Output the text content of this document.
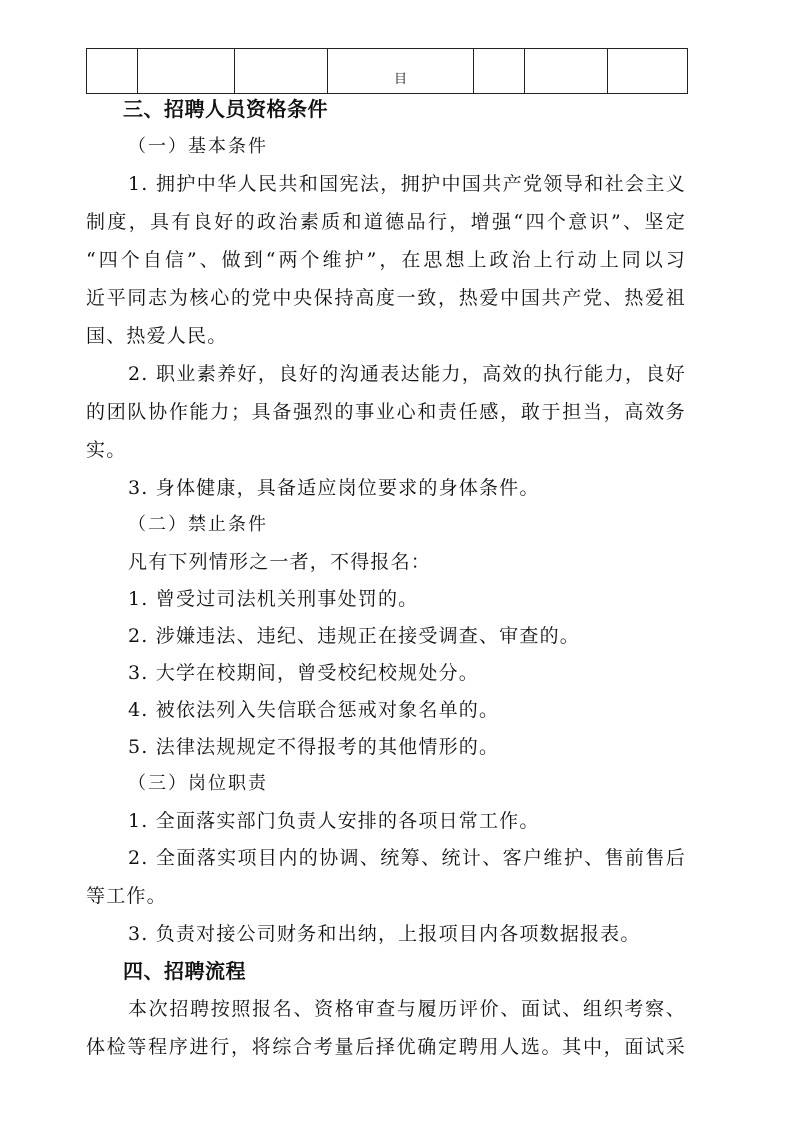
			目			
三、招聘人员资格条件
（一）基本条件
1. 拥护中华人民共和国宪法，拥护中国共产党领导和社会主义
制度，具有良好的政治素质和道德品行，增强“四个意识”、坚定
“四个自信”、做到“两个维护”，在思想上政治上行动上同以习
近平同志为核心的党中央保持高度一致，热爱中国共产党、热爱祖
国、热爱人民。
2. 职业素养好，良好的沟通表达能力，高效的执行能力，良好
的团队协作能力；具备强烈的事业心和责任感，敢于担当，高效务
实。
3. 身体健康，具备适应岗位要求的身体条件。
（二）禁止条件
凡有下列情形之一者，不得报名：
1. 曾受过司法机关刑事处罚的。
2. 涉嫌违法、违纪、违规正在接受调查、审查的。
3. 大学在校期间，曾受校纪校规处分。
4. 被依法列入失信联合惩戒对象名单的。
5. 法律法规规定不得报考的其他情形的。
（三）岗位职责
1. 全面落实部门负责人安排的各项日常工作。
2. 全面落实项目内的协调、统筹、统计、客户维护、售前售后
等工作。
3. 负责对接公司财务和出纳，上报项目内各项数据报表。
四、招聘流程
本次招聘按照报名、资格审查与履历评价、面试、组织考察、
体检等程序进行，将综合考量后择优确定聘用人选。其中，面试采
